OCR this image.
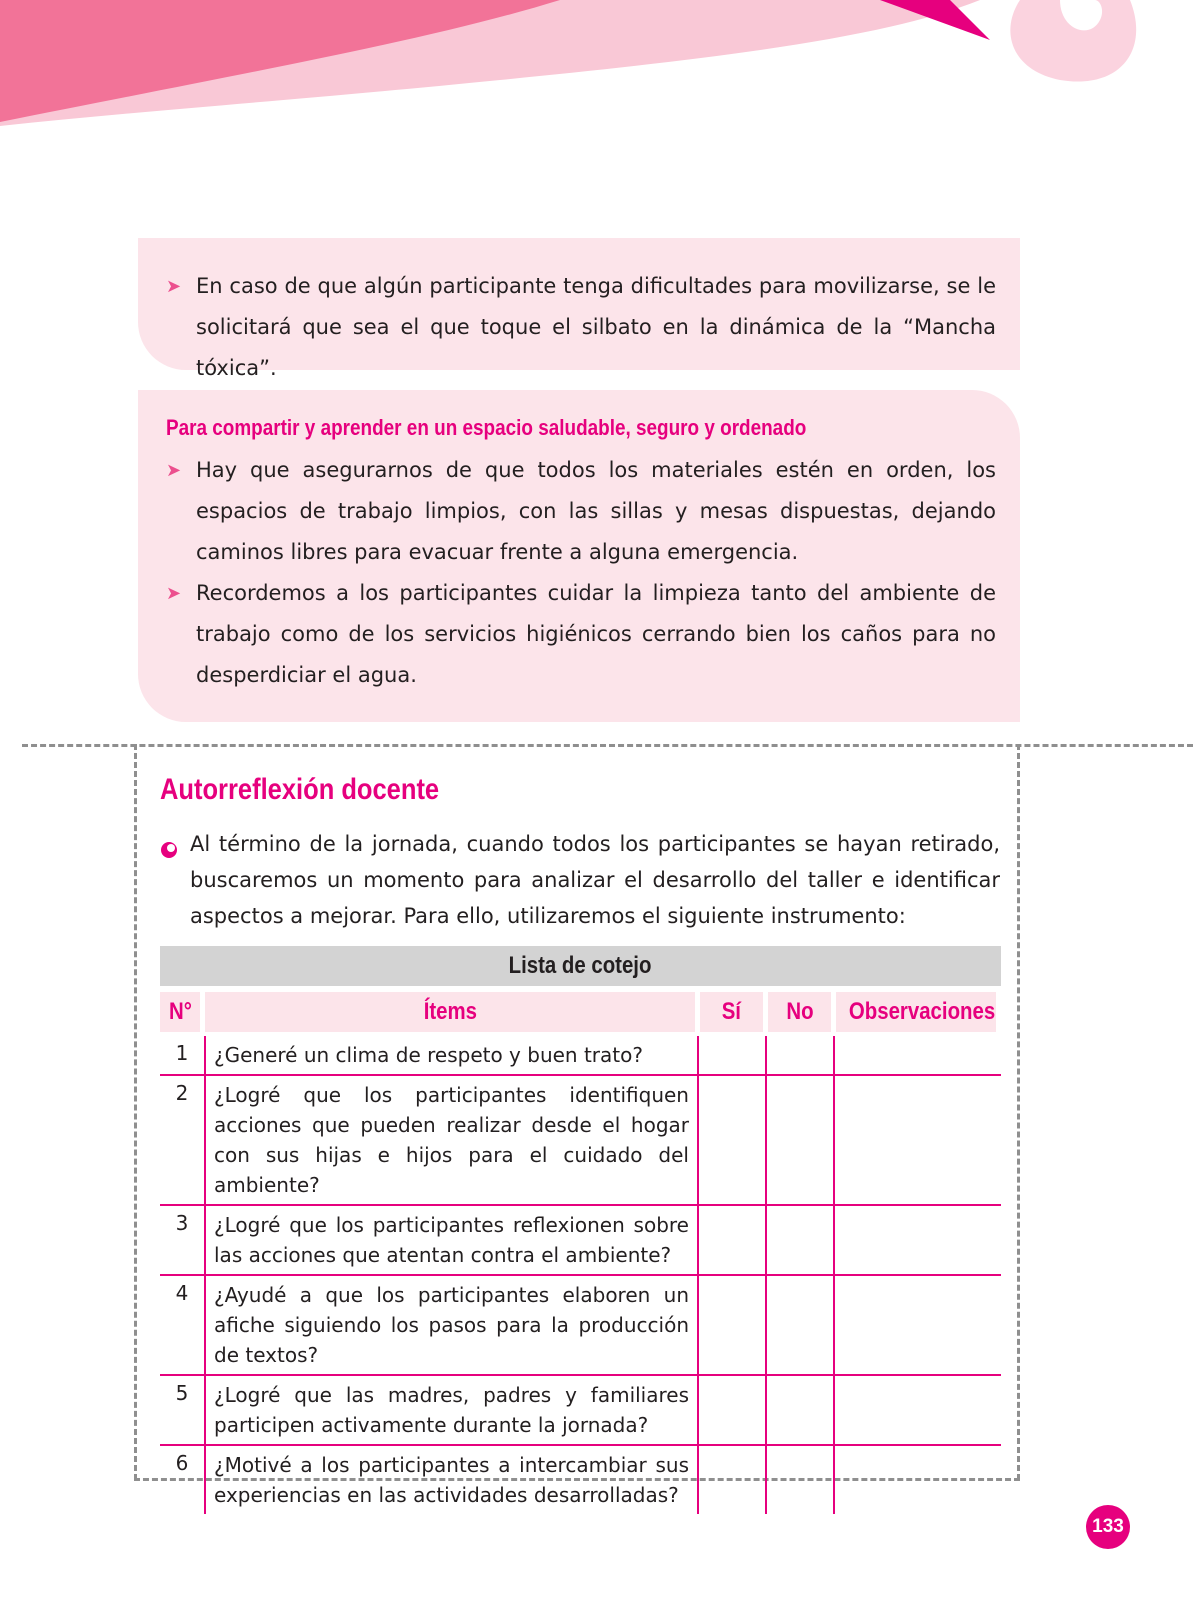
➤ En caso de que algún participante tenga dificultades para movilizarse, se le solicitará que sea el que toque el silbato en la dinámica de la “Mancha tóxica”.
Para compartir y aprender en un espacio saludable, seguro y ordenado
➤ Hay que asegurarnos de que todos los materiales estén en orden, los espacios de trabajo limpios, con las sillas y mesas dispuestas, dejando caminos libres para evacuar frente a alguna emergencia.
➤ Recordemos a los participantes cuidar la limpieza tanto del ambiente de trabajo como de los servicios higiénicos cerrando bien los caños para no desperdiciar el agua.
Autorreflexión docente
Al término de la jornada, cuando todos los participantes se hayan retirado, buscaremos un momento para analizar el desarrollo del taller e identificar aspectos a mejorar. Para ello, utilizaremos el siguiente instrumento:
Lista de cotejo
N°	Ítems	Sí	No	Observaciones
1	¿Generé un clima de respeto y buen trato?
2	¿Logré que los participantes identifiquen acciones que pueden realizar desde el hogar con sus hijas e hijos para el cuidado del ambiente?
3	¿Logré que los participantes reflexionen sobre las acciones que atentan contra el ambiente?
4	¿Ayudé a que los participantes elaboren un afiche siguiendo los pasos para la producción de textos?
5	¿Logré que las madres, padres y familiares participen activamente durante la jornada?
6	¿Motivé a los participantes a intercambiar sus experiencias en las actividades desarrolladas?
133
